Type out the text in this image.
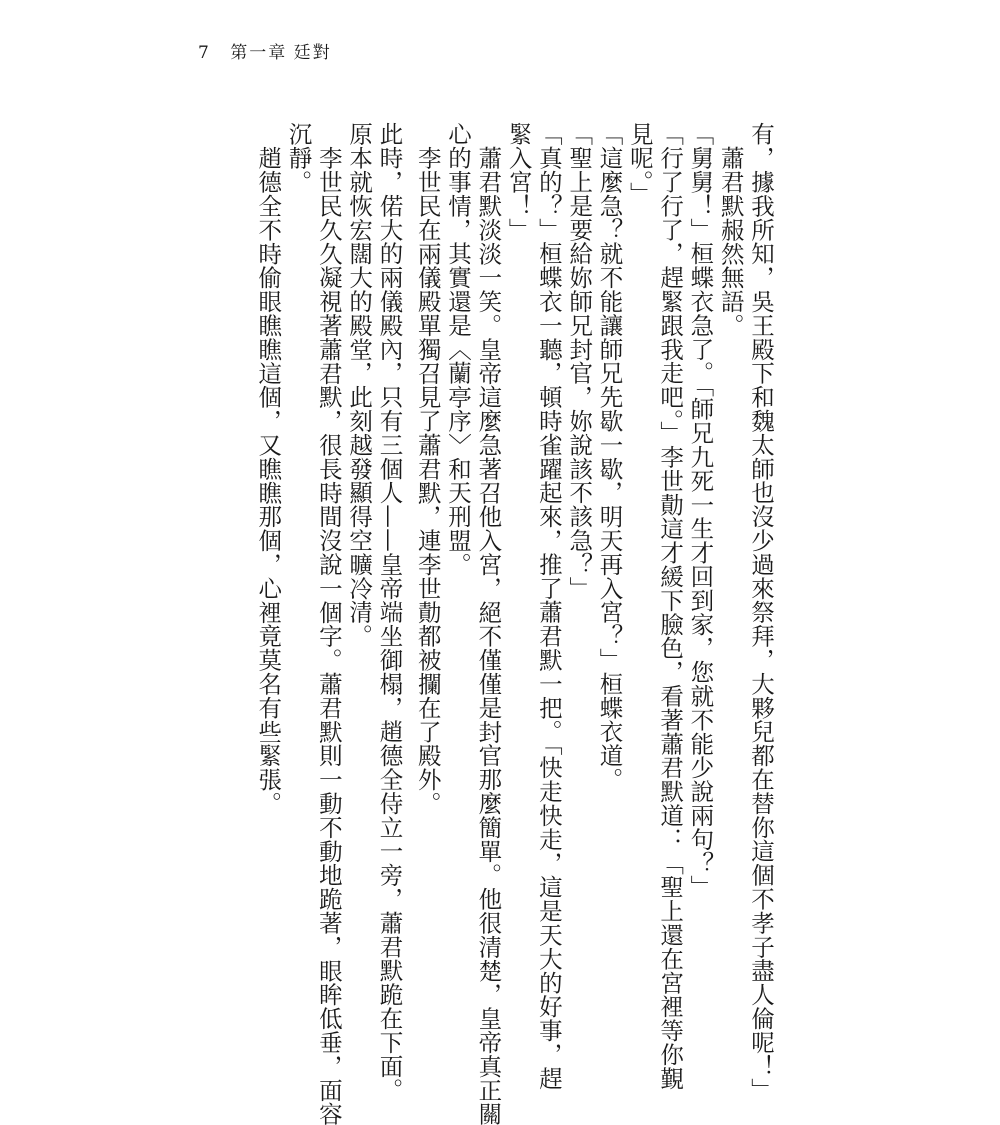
7 第一章 廷對

有，據我所知，吳王殿下和魏太師也沒少過來祭拜，大夥兒都在替你這個不孝子盡人倫呢！」

蕭君默赧然無語。

「舅舅！」桓蝶衣急了。「師兄九死一生才回到家，您就不能少說兩句？」

「行了行了，趕緊跟我走吧。」李世勣這才緩下臉色，看著蕭君默道：「聖上還在宮裡等你覲

見呢。」

「這麼急？就不能讓師兄先歇一歇，明天再入宮？」桓蝶衣道。

「聖上是要給妳師兄封官，妳說該不該急？」

「真的？」桓蝶衣一聽，頓時雀躍起來，推了蕭君默一把。「快走快走，這是天大的好事，趕

緊入宮！」

蕭君默淡淡一笑。皇帝這麼急著召他入宮，絕不僅僅是封官那麼簡單。他很清楚，皇帝真正關

心的事情，其實還是〈蘭亭序〉和天刑盟。

李世民在兩儀殿單獨召見了蕭君默，連李世勣都被攔在了殿外。

此時，偌大的兩儀殿內，只有三個人——皇帝端坐御榻，趙德全侍立一旁，蕭君默跪在下面。

原本就恢宏闊大的殿堂，此刻越發顯得空曠冷清。

李世民久久凝視著蕭君默，很長時間沒說一個字。蕭君默則一動不動地跪著，眼眸低垂，面容

沉靜。

趙德全不時偷眼瞧瞧這個，又瞧瞧那個，心裡竟莫名有些緊張。
